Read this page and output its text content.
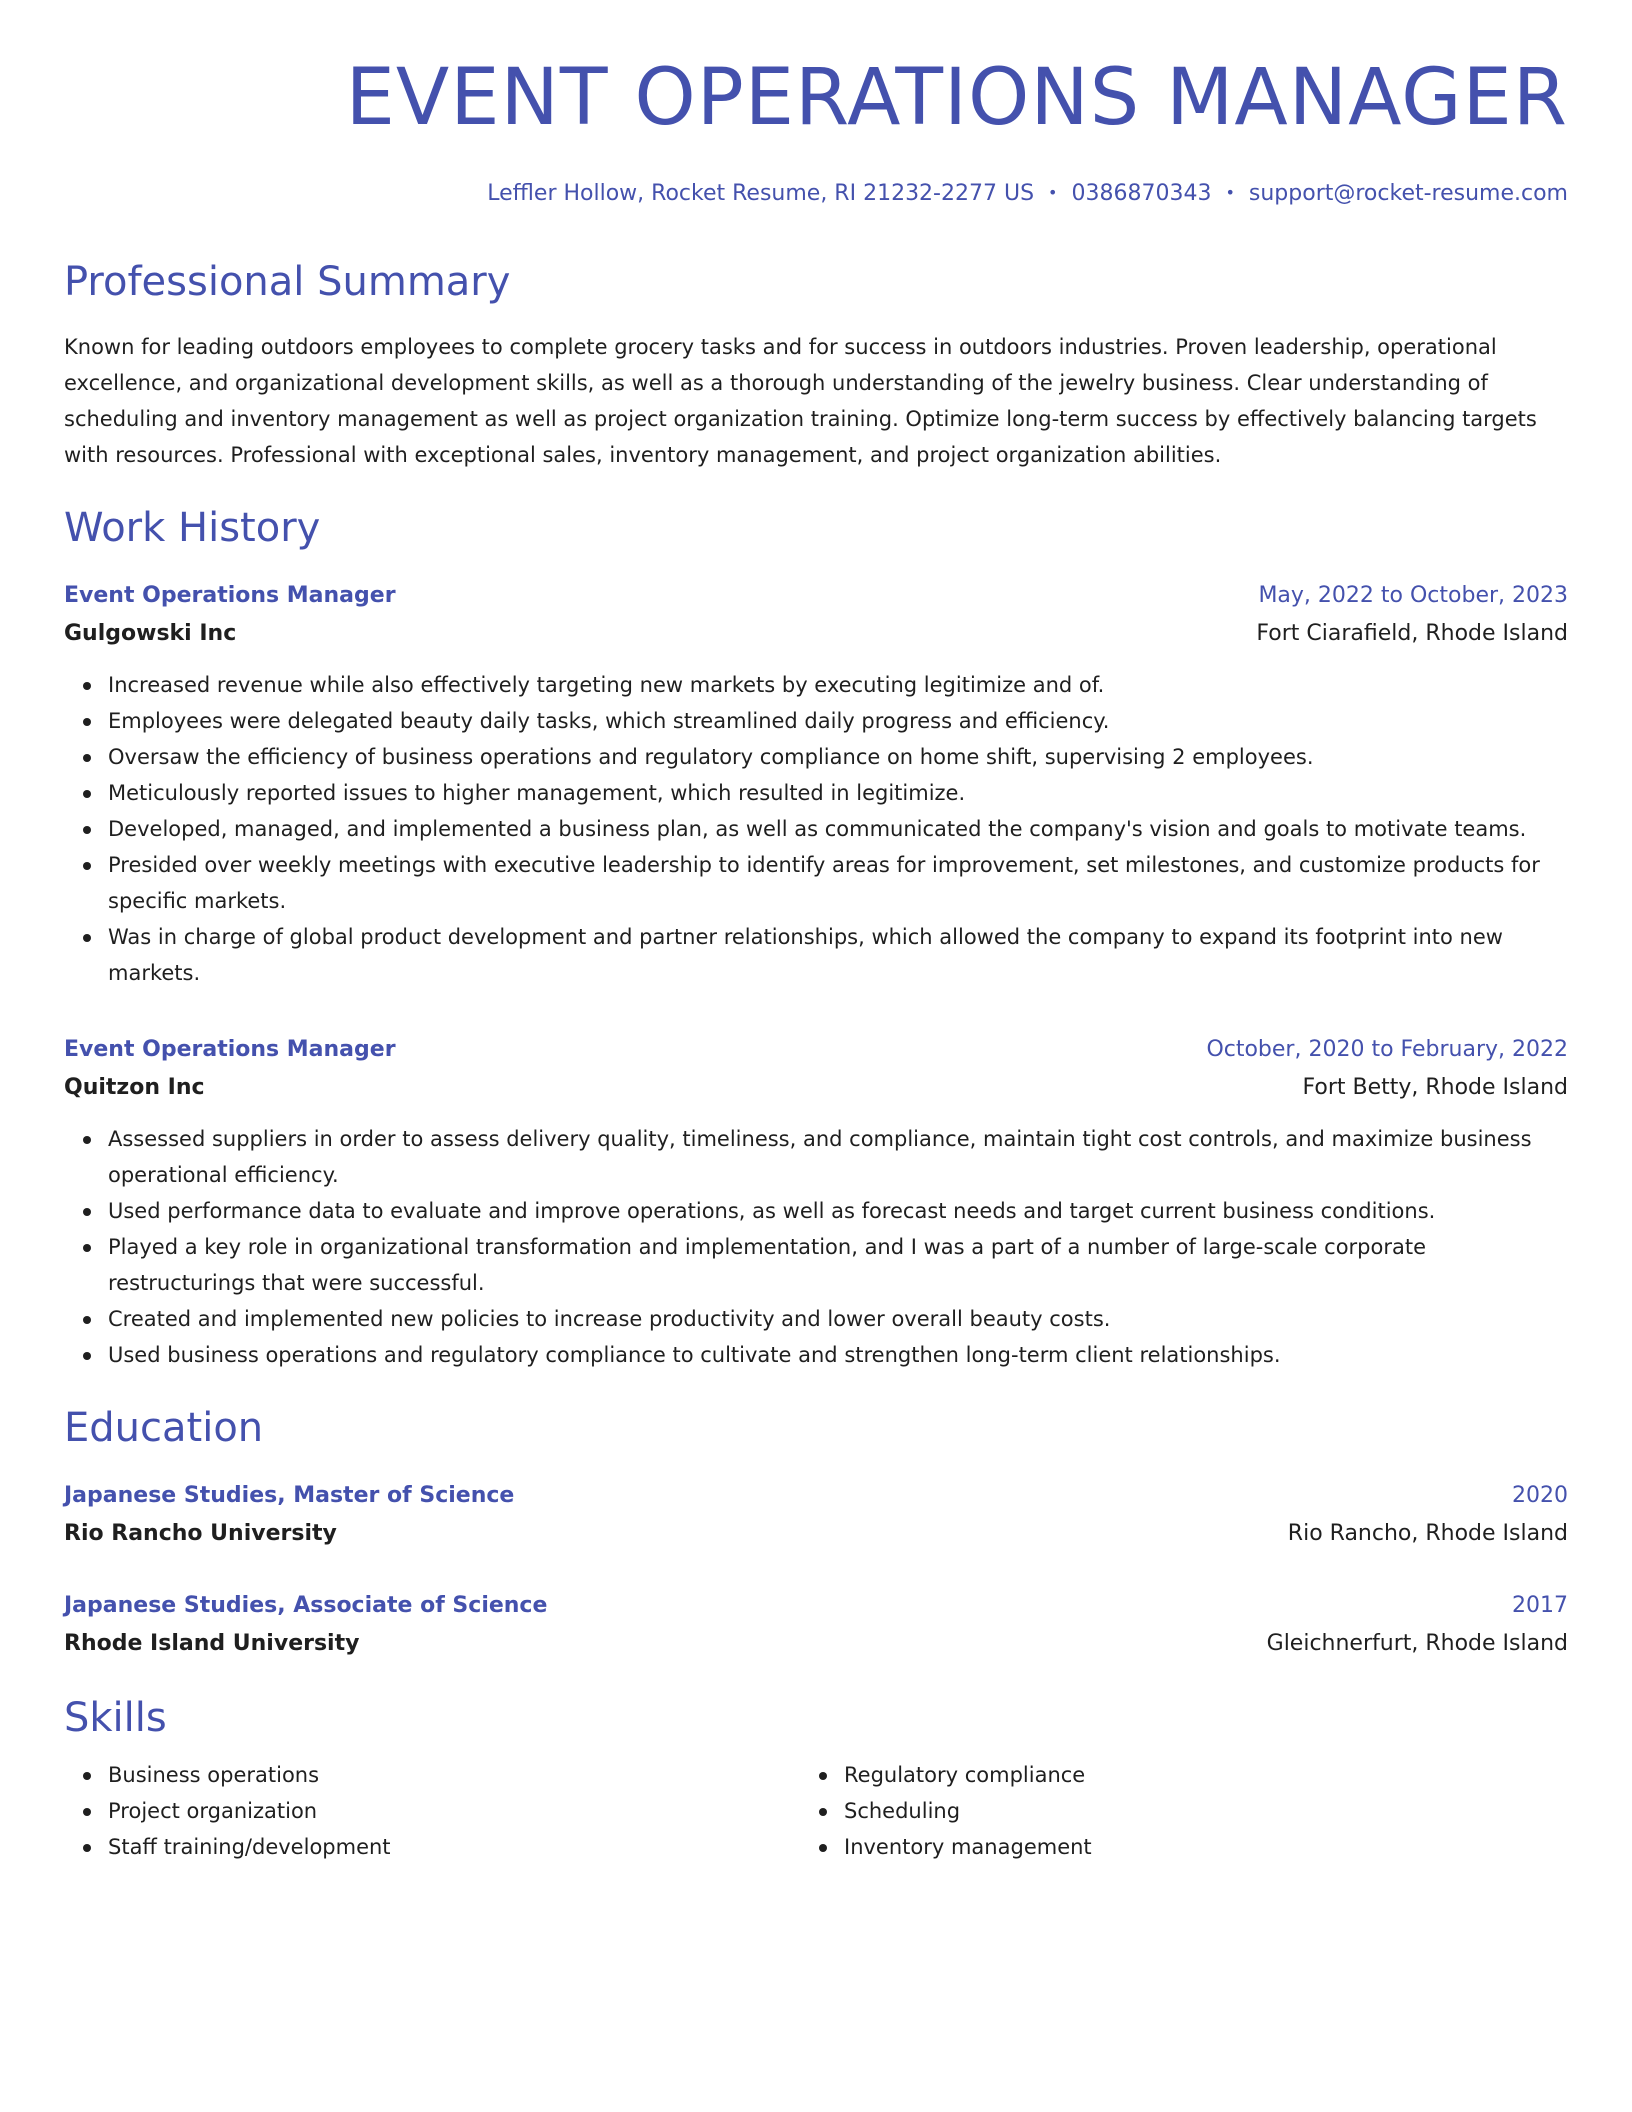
EVENT OPERATIONS MANAGER
Leffler Hollow, Rocket Resume, RI 21232-2277 US • 0386870343 • support@rocket-resume.com
Professional Summary

Known for leading outdoors employees to complete grocery tasks and for success in outdoors industries. Proven leadership, operational excellence, and organizational development skills, as well as a thorough understanding of the jewelry business. Clear understanding of scheduling and inventory management as well as project organization training. Optimize long-term success by effectively balancing targets with resources. Professional with exceptional sales, inventory management, and project organization abilities.

Work History
Event Operations Manager	May, 2022 to October, 2023
Gulgowski Inc	Fort Ciarafield, Rhode Island
Increased revenue while also effectively targeting new markets by executing legitimize and of.
Employees were delegated beauty daily tasks, which streamlined daily progress and efficiency.
Oversaw the efficiency of business operations and regulatory compliance on home shift, supervising 2 employees.
Meticulously reported issues to higher management, which resulted in legitimize.
Developed, managed, and implemented a business plan, as well as communicated the company's vision and goals to motivate teams.
Presided over weekly meetings with executive leadership to identify areas for improvement, set milestones, and customize products for specific markets.
Was in charge of global product development and partner relationships, which allowed the company to expand its footprint into new markets.
Event Operations Manager	October, 2020 to February, 2022
Quitzon Inc	Fort Betty, Rhode Island
Assessed suppliers in order to assess delivery quality, timeliness, and compliance, maintain tight cost controls, and maximize business operational efficiency.
Used performance data to evaluate and improve operations, as well as forecast needs and target current business conditions.
Played a key role in organizational transformation and implementation, and I was a part of a number of large-scale corporate restructurings that were successful.
Created and implemented new policies to increase productivity and lower overall beauty costs.
Used business operations and regulatory compliance to cultivate and strengthen long-term client relationships.
Education
Japanese Studies, Master of Science	2020
Rio Rancho University	Rio Rancho, Rhode Island
Japanese Studies, Associate of Science	2017
Rhode Island University	Gleichnerfurt, Rhode Island
Skills
Business operations
Project organization
Staff training/development
Regulatory compliance
Scheduling
Inventory management
